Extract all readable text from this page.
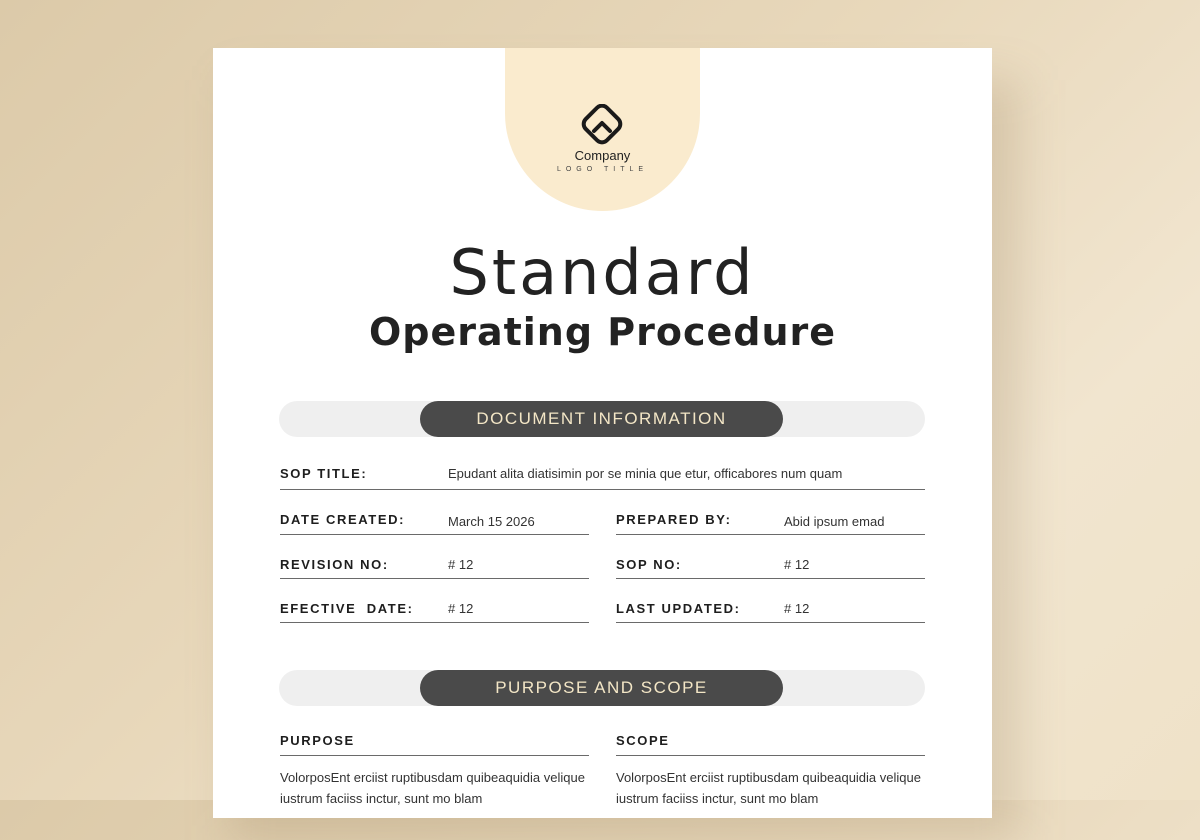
Company
LOGO TITLE
Standard
Operating Procedure
DOCUMENT INFORMATION
SOP TITLE:	Epudant alita diatisimin por se minia que etur, officabores num quam
DATE CREATED:	March 15 2026	PREPARED BY:	Abid ipsum emad
REVISION NO:	# 12	SOP NO:	# 12
EFECTIVE  DATE:	# 12	LAST UPDATED:	# 12
PURPOSE AND SCOPE
PURPOSE
VolorposEnt erciist ruptibusdam quibeaquidia velique iustrum faciiss inctur, sunt mo blam
SCOPE
VolorposEnt erciist ruptibusdam quibeaquidia velique iustrum faciiss inctur, sunt mo blam
